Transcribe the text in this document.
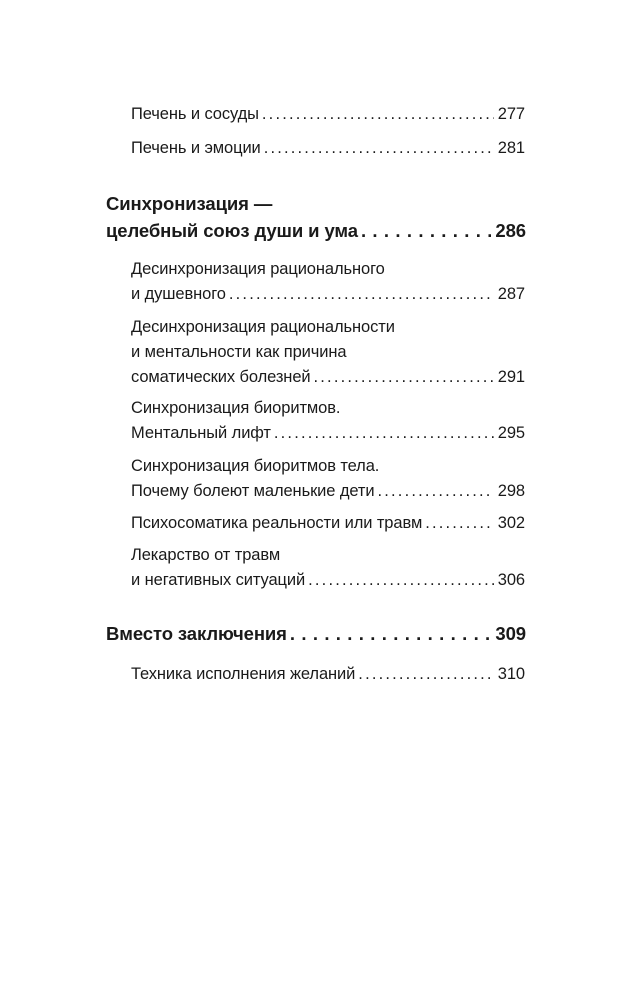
Печень и сосуды . . .	277
Печень и эмоции . . .	281
Синхронизация —
целебный союз души и ума . . .	286
Десинхронизация рационального
и душевного . . .	287
Десинхронизация рациональности
и ментальности как причина
соматических болезней . . .	291
Синхронизация биоритмов.
Ментальный лифт . . .	295
Синхронизация биоритмов тела.
Почему болеют маленькие дети . . .	298
Психосоматика реальности или травм . . .	302
Лекарство от травм
и негативных ситуаций . . .	306
Вместо заключения . . .	309
Техника исполнения желаний . . .	310
